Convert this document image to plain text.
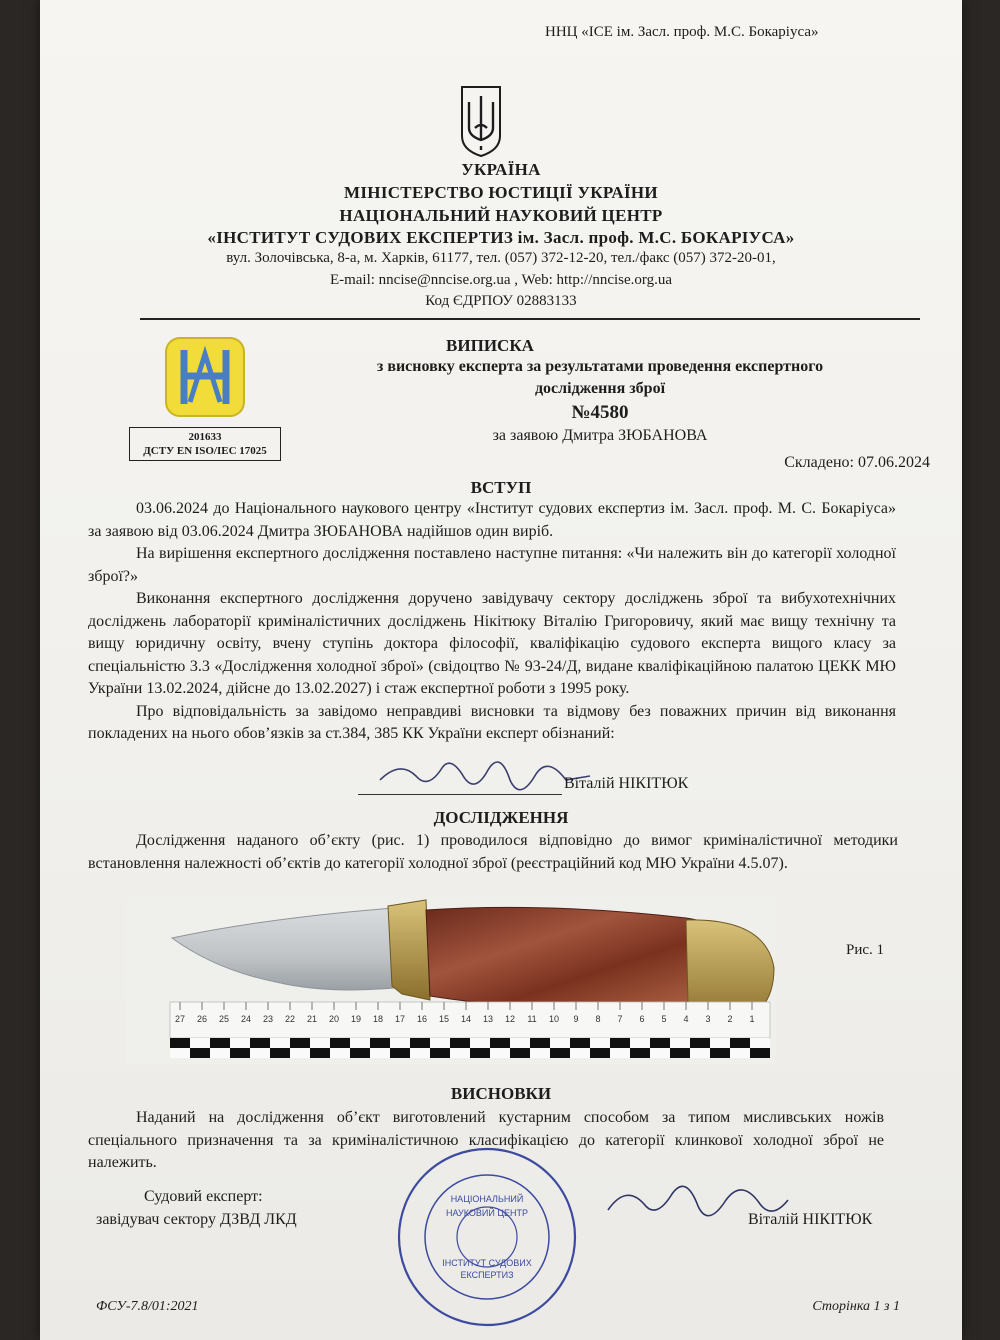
ННЦ «ІСЕ ім. Засл. проф. М.С. Бокаріуса»
УКРАЇНА
МІНІСТЕРСТВО ЮСТИЦІЇ УКРАЇНИ
НАЦІОНАЛЬНИЙ НАУКОВИЙ ЦЕНТР
«ІНСТИТУТ СУДОВИХ ЕКСПЕРТИЗ ім. Засл. проф. М.С. БОКАРІУСА»
вул. Золочівська, 8-а, м. Харків, 61177, тел. (057) 372-12-20, тел./факс (057) 372-20-01,
E-mail: nncise@nncise.org.ua , Web: http://nncise.org.ua
Код ЄДРПОУ 02883133
201633
ДСТУ EN ISO/IEC 17025
ВИПИСКА
з висновку експерта за результатами проведення експертного
дослідження зброї
№4580
за заявою Дмитра ЗЮБАНОВА
Складено: 07.06.2024
ВСТУП
03.06.2024 до Національного наукового центру «Інститут судових експертиз ім. Засл. проф. М. С. Бокаріуса» за заявою від 03.06.2024 Дмитра ЗЮБАНОВА надійшов один виріб.
На вирішення експертного дослідження поставлено наступне питання: «Чи належить він до категорії холодної зброї?»
Виконання експертного дослідження доручено завідувачу сектору досліджень зброї та вибухотехнічних досліджень лабораторії криміналістичних досліджень Нікітюку Віталію Григоровичу, який має вищу технічну та вищу юридичну освіту, вчену ступінь доктора філософії, кваліфікацію судового експерта вищого класу за спеціальністю 3.3 «Дослідження холодної зброї» (свідоцтво № 93-24/Д, видане кваліфікаційною палатою ЦЕКК МЮ України 13.02.2024, дійсне до 13.02.2027) і стаж експертної роботи з 1995 року.
Про відповідальність за завідомо неправдиві висновки та відмову без поважних причин від виконання покладених на нього обов’язків за ст.384, 385 КК України експерт обізнаний:
Віталій НІКІТЮК
ДОСЛІДЖЕННЯ
Дослідження наданого об’єкту (рис. 1) проводилося відповідно до вимог криміналістичної методики встановлення належності об’єктів до категорії холодної зброї (реєстраційний код МЮ України 4.5.07).
27 26 25 24 23 22 21 20 19 18 17 16 15 14 13 12 11 10 9 8 7 6 5 4 3 2 1
Рис. 1
ВИСНОВКИ
Наданий на дослідження об’єкт виготовлений кустарним способом за типом мисливських ножів спеціального призначення та за криміналістичною класифікацією до категорії клинкової холодної зброї не належить.
НАЦІОНАЛЬНИЙ
НАУКОВИЙ ЦЕНТР
ІНСТИТУТ СУДОВИХ
ЕКСПЕРТИЗ
Судовий експерт:
завідувач сектору ДЗВД ЛКД	Віталій НІКІТЮК
ФСУ-7.8/01:2021	Сторінка 1 з 1
